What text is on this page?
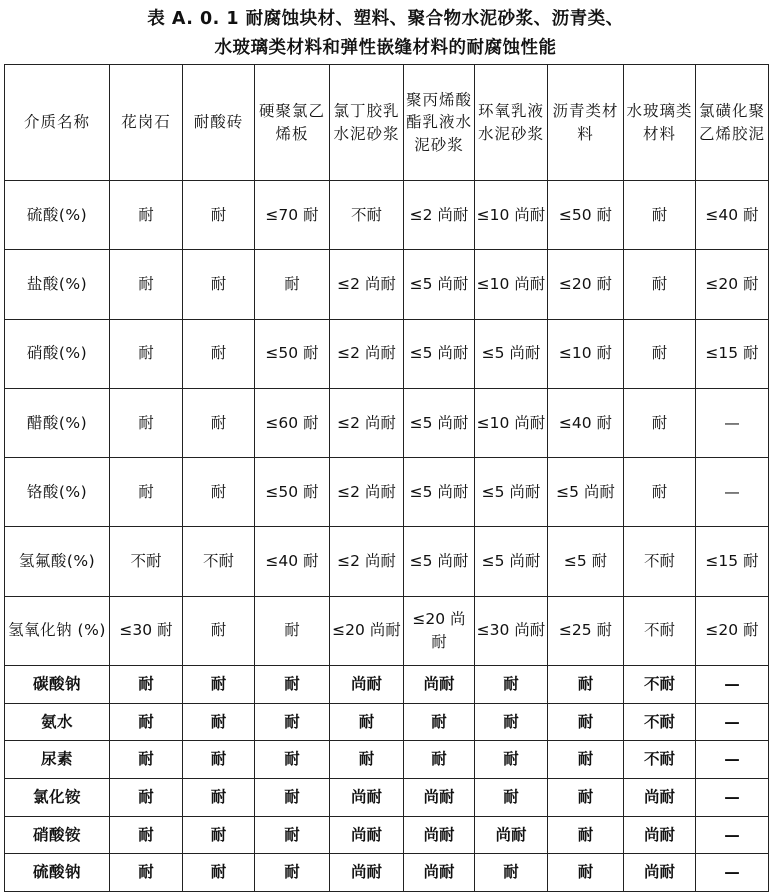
表 A. 0. 1 耐腐蚀块材、塑料、聚合物水泥砂浆、沥青类、
水玻璃类材料和弹性嵌缝材料的耐腐蚀性能
介质名称	花岗石	耐酸砖	硬聚氯乙烯板	氯丁胶乳水泥砂浆	聚丙烯酸酯乳液水泥砂浆	环氧乳液水泥砂浆	沥青类材 料	水玻璃类材料	氯磺化聚乙烯胶泥
硫酸(%)	耐	耐	≤70 耐	不耐	≤2 尚耐	≤10 尚耐	≤50 耐	耐	≤40 耐
盐酸(%)	耐	耐	耐	≤2 尚耐	≤5 尚耐	≤10 尚耐	≤20 耐	耐	≤20 耐
硝酸(%)	耐	耐	≤50 耐	≤2 尚耐	≤5 尚耐	≤5 尚耐	≤10 耐	耐	≤15 耐
醋酸(%)	耐	耐	≤60 耐	≤2 尚耐	≤5 尚耐	≤10 尚耐	≤40 耐	耐	—
铬酸(%)	耐	耐	≤50 耐	≤2 尚耐	≤5 尚耐	≤5 尚耐	≤5 尚耐	耐	—
氢氟酸(%)	不耐	不耐	≤40 耐	≤2 尚耐	≤5 尚耐	≤5 尚耐	≤5 耐	不耐	≤15 耐
氢氧化钠 (%)	≤30 耐	耐	耐	≤20 尚耐	≤20 尚耐	≤30 尚耐	≤25 耐	不耐	≤20 耐
碳酸钠	耐	耐	耐	尚耐	尚耐	耐	耐	不耐	—
氨水	耐	耐	耐	耐	耐	耐	耐	不耐	—
尿素	耐	耐	耐	耐	耐	耐	耐	不耐	—
氯化铵	耐	耐	耐	尚耐	尚耐	耐	耐	尚耐	—
硝酸铵	耐	耐	耐	尚耐	尚耐	尚耐	耐	尚耐	—
硫酸钠	耐	耐	耐	尚耐	尚耐	耐	耐	尚耐	—
